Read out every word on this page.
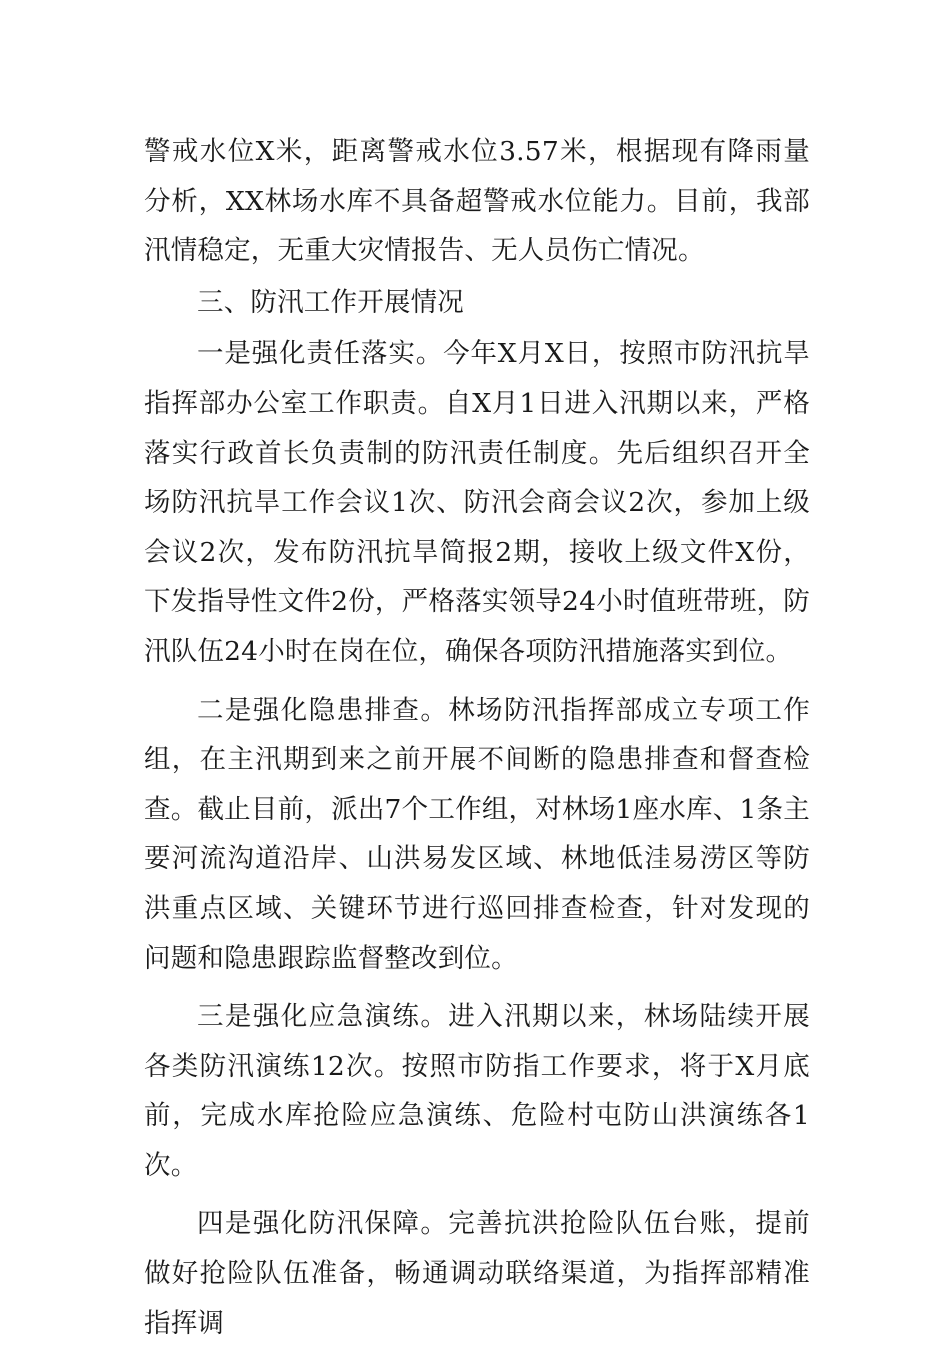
警戒水位X米，距离警戒水位3.57米，根据现有降雨量分析，XX林场水库不具备超警戒水位能力。目前，我部汛情稳定，无重大灾情报告、无人员伤亡情况。

三、防汛工作开展情况

一是强化责任落实。今年X月X日，按照市防汛抗旱指挥部办公室工作职责。自X月1日进入汛期以来，严格落实行政首长负责制的防汛责任制度。先后组织召开全场防汛抗旱工作会议1次、防汛会商会议2次，参加上级会议2次，发布防汛抗旱简报2期，接收上级文件X份，下发指导性文件2份，严格落实领导24小时值班带班，防汛队伍24小时在岗在位，确保各项防汛措施落实到位。

二是强化隐患排查。林场防汛指挥部成立专项工作组，在主汛期到来之前开展不间断的隐患排查和督查检查。截止目前，派出7个工作组，对林场1座水库、1条主要河流沟道沿岸、山洪易发区域、林地低洼易涝区等防洪重点区域、关键环节进行巡回排查检查，针对发现的问题和隐患跟踪监督整改到位。

三是强化应急演练。进入汛期以来，林场陆续开展各类防汛演练12次。按照市防指工作要求，将于X月底前，完成水库抢险应急演练、危险村屯防山洪演练各1次。

四是强化防汛保障。完善抗洪抢险队伍台账，提前做好抢险队伍准备，畅通调动联络渠道，为指挥部精准指挥调
